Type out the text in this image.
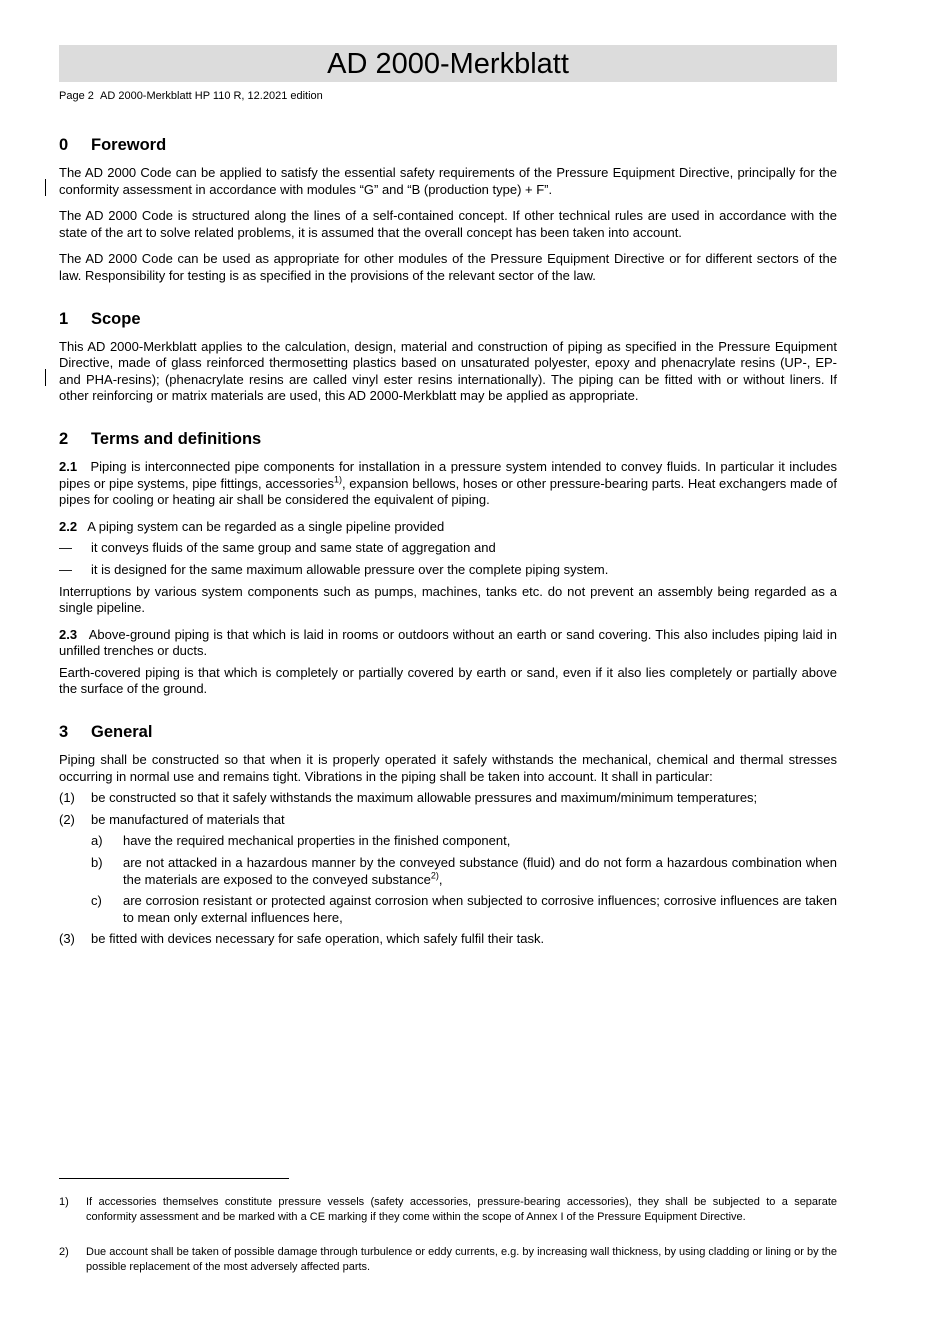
AD 2000-Merkblatt
Page 2 AD 2000-Merkblatt HP 110 R, 12.2021 edition
0 Foreword

The AD 2000 Code can be applied to satisfy the essential safety requirements of the Pressure Equipment Directive, principally for the conformity assessment in accordance with modules “G” and “B (production type) + F”.

The AD 2000 Code is structured along the lines of a self-contained concept. If other technical rules are used in accordance with the state of the art to solve related problems, it is assumed that the overall concept has been taken into account.

The AD 2000 Code can be used as appropriate for other modules of the Pressure Equipment Directive or for different sectors of the law. Responsibility for testing is as specified in the provisions of the relevant sector of the law.

1 Scope

This AD 2000-Merkblatt applies to the calculation, design, material and construction of piping as specified in the Pressure Equipment Directive, made of glass reinforced thermosetting plastics based on unsaturated polyester, epoxy and phenacrylate resins (UP-, EP- and PHA-resins); (phenacrylate resins are called vinyl ester resins internationally). The piping can be fitted with or without liners. If other reinforcing or matrix materials are used, this AD 2000-Merkblatt may be applied as appropriate.

2 Terms and definitions

2.1 Piping is interconnected pipe components for installation in a pressure system intended to convey fluids. In particular it includes pipes or pipe systems, pipe fittings, accessories$^{1)}$, expansion bellows, hoses or other pressure-bearing parts. Heat exchangers made of pipes for cooling or heating air shall be considered the equivalent of piping.

2.2 A piping system can be regarded as a single pipeline provided

— it conveys fluids of the same group and same state of aggregation and
— it is designed for the same maximum allowable pressure over the complete piping system.

Interruptions by various system components such as pumps, machines, tanks etc. do not prevent an assembly being regarded as a single pipeline.

2.3 Above-ground piping is that which is laid in rooms or outdoors without an earth or sand covering. This also includes piping laid in unfilled trenches or ducts.

Earth-covered piping is that which is completely or partially covered by earth or sand, even if it also lies completely or partially above the surface of the ground.

3 General

Piping shall be constructed so that when it is properly operated it safely withstands the mechanical, chemical and thermal stresses occurring in normal use and remains tight. Vibrations in the piping shall be taken into account. It shall in particular:

(1) be constructed so that it safely withstands the maximum allowable pressures and maximum/minimum temperatures;
(2) be manufactured of materials that
a) have the required mechanical properties in the finished component,
b) are not attacked in a hazardous manner by the conveyed substance (fluid) and do not form a hazardous combination when the materials are exposed to the conveyed substance$^{2)}$,
c) are corrosion resistant or protected against corrosion when subjected to corrosive influences; corrosive influences are taken to mean only external influences here,
(3) be fitted with devices necessary for safe operation, which safely fulfil their task.
1) If accessories themselves constitute pressure vessels (safety accessories, pressure-bearing accessories), they shall be subjected to a separate conformity assessment and be marked with a CE marking if they come within the scope of Annex I of the Pressure Equipment Directive.
2) Due account shall be taken of possible damage through turbulence or eddy currents, e.g. by increasing wall thickness, by using cladding or lining or by the possible replacement of the most adversely affected parts.
